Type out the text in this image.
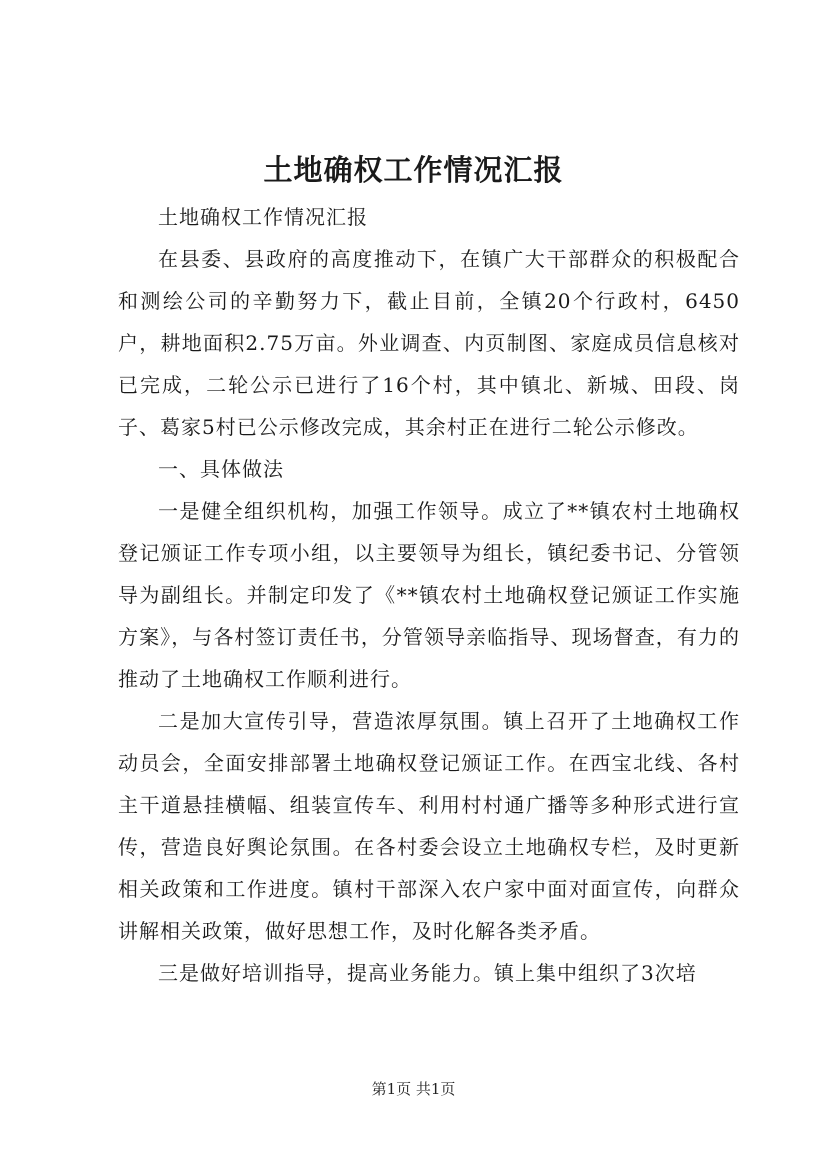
土地确权工作情况汇报

土地确权工作情况汇报

在县委、县政府的高度推动下，在镇广大干部群众的积极配合和测绘公司的辛勤努力下，截止目前，全镇20个行政村，6450户，耕地面积2.75万亩。外业调查、内页制图、家庭成员信息核对已完成，二轮公示已进行了16个村，其中镇北、新城、田段、岗子、葛家5村已公示修改完成，其余村正在进行二轮公示修改。

一、具体做法

一是健全组织机构，加强工作领导。成立了**镇农村土地确权登记颁证工作专项小组，以主要领导为组长，镇纪委书记、分管领导为副组长。并制定印发了《**镇农村土地确权登记颁证工作实施方案》，与各村签订责任书，分管领导亲临指导、现场督查，有力的推动了土地确权工作顺利进行。

二是加大宣传引导，营造浓厚氛围。镇上召开了土地确权工作动员会，全面安排部署土地确权登记颁证工作。在西宝北线、各村主干道悬挂横幅、组装宣传车、利用村村通广播等多种形式进行宣传，营造良好舆论氛围。在各村委会设立土地确权专栏，及时更新相关政策和工作进度。镇村干部深入农户家中面对面宣传，向群众讲解相关政策，做好思想工作，及时化解各类矛盾。

三是做好培训指导，提高业务能力。镇上集中组织了3次培

第1页 共1页
